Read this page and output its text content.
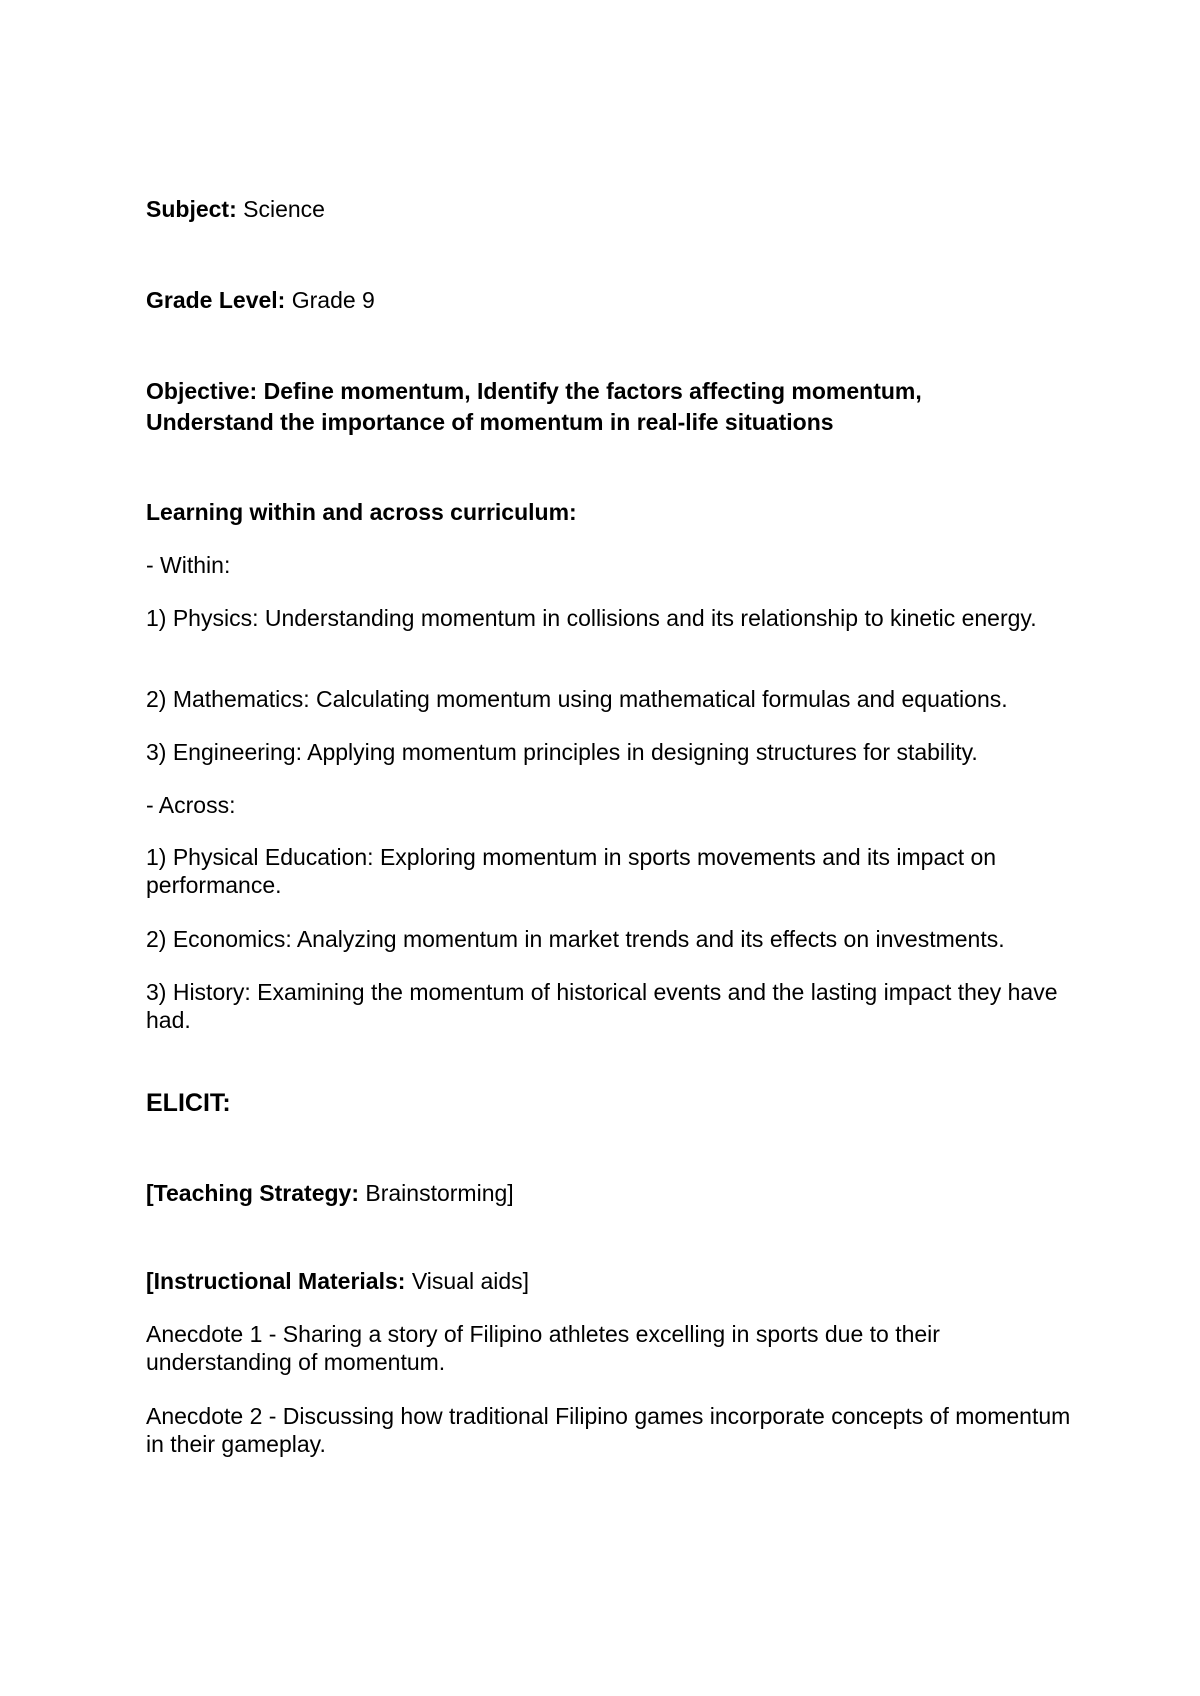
Subject: Science

Grade Level: Grade 9

Objective: Define momentum, Identify the factors affecting momentum,

Understand the importance of momentum in real-life situations

Learning within and across curriculum:

- Within:

1) Physics: Understanding momentum in collisions and its relationship to kinetic energy.

2) Mathematics: Calculating momentum using mathematical formulas and equations.

3) Engineering: Applying momentum principles in designing structures for stability.

- Across:

1) Physical Education: Exploring momentum in sports movements and its impact on performance.

2) Economics: Analyzing momentum in market trends and its effects on investments.

3) History: Examining the momentum of historical events and the lasting impact they have had.

ELICIT:

[Teaching Strategy: Brainstorming]

[Instructional Materials: Visual aids]

Anecdote 1 - Sharing a story of Filipino athletes excelling in sports due to their understanding of momentum.

Anecdote 2 - Discussing how traditional Filipino games incorporate concepts of momentum in their gameplay.
